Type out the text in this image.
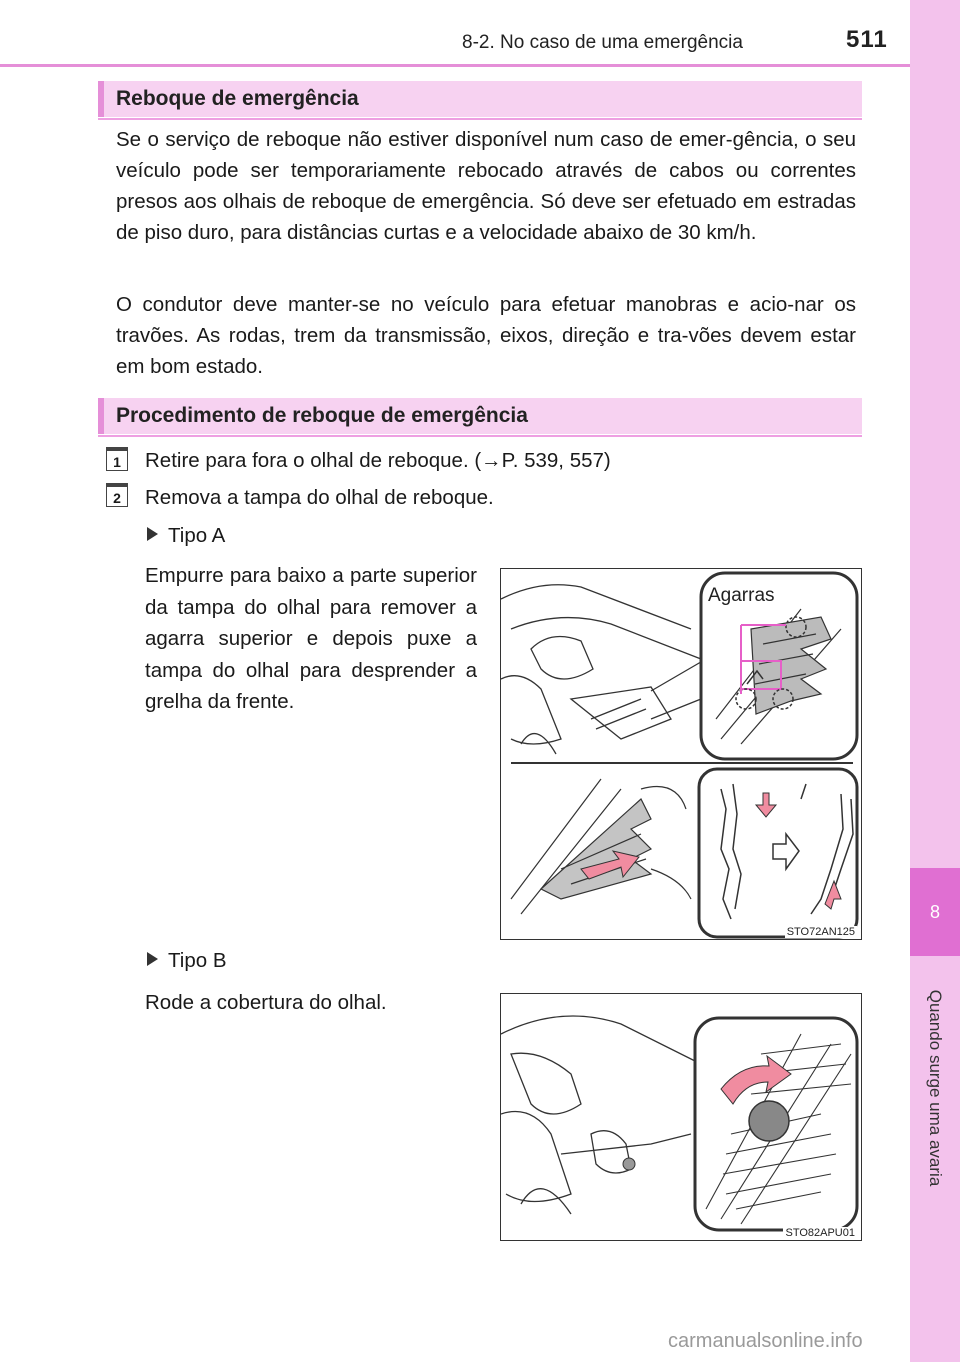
8-2. No caso de uma emergência	511
8
Quando surge uma avaria
Reboque de emergência

Se o serviço de reboque não estiver disponível num caso de emer-gência, o seu veículo pode ser temporariamente rebocado através de cabos ou correntes presos aos olhais de reboque de emergência. Só deve ser efetuado em estradas de piso duro, para distâncias curtas e a velocidade abaixo de 30 km/h.

O condutor deve manter-se no veículo para efetuar manobras e acio-nar os travões. As rodas, trem da transmissão, eixos, direção e tra-vões devem estar em bom estado.

Procedimento de reboque de emergência
1	Retire para fora o olhal de reboque. (→P. 539, 557)
2	Remova a tampa do olhal de reboque.
Tipo A

Empurre para baixo a parte superior da tampa do olhal para remover a agarra superior e depois puxe a tampa do olhal para desprender a grelha da frente.

Agarras
STO72AN125
Tipo B

Rode a cobertura do olhal.

STO82APU01
carmanualsonline.info
